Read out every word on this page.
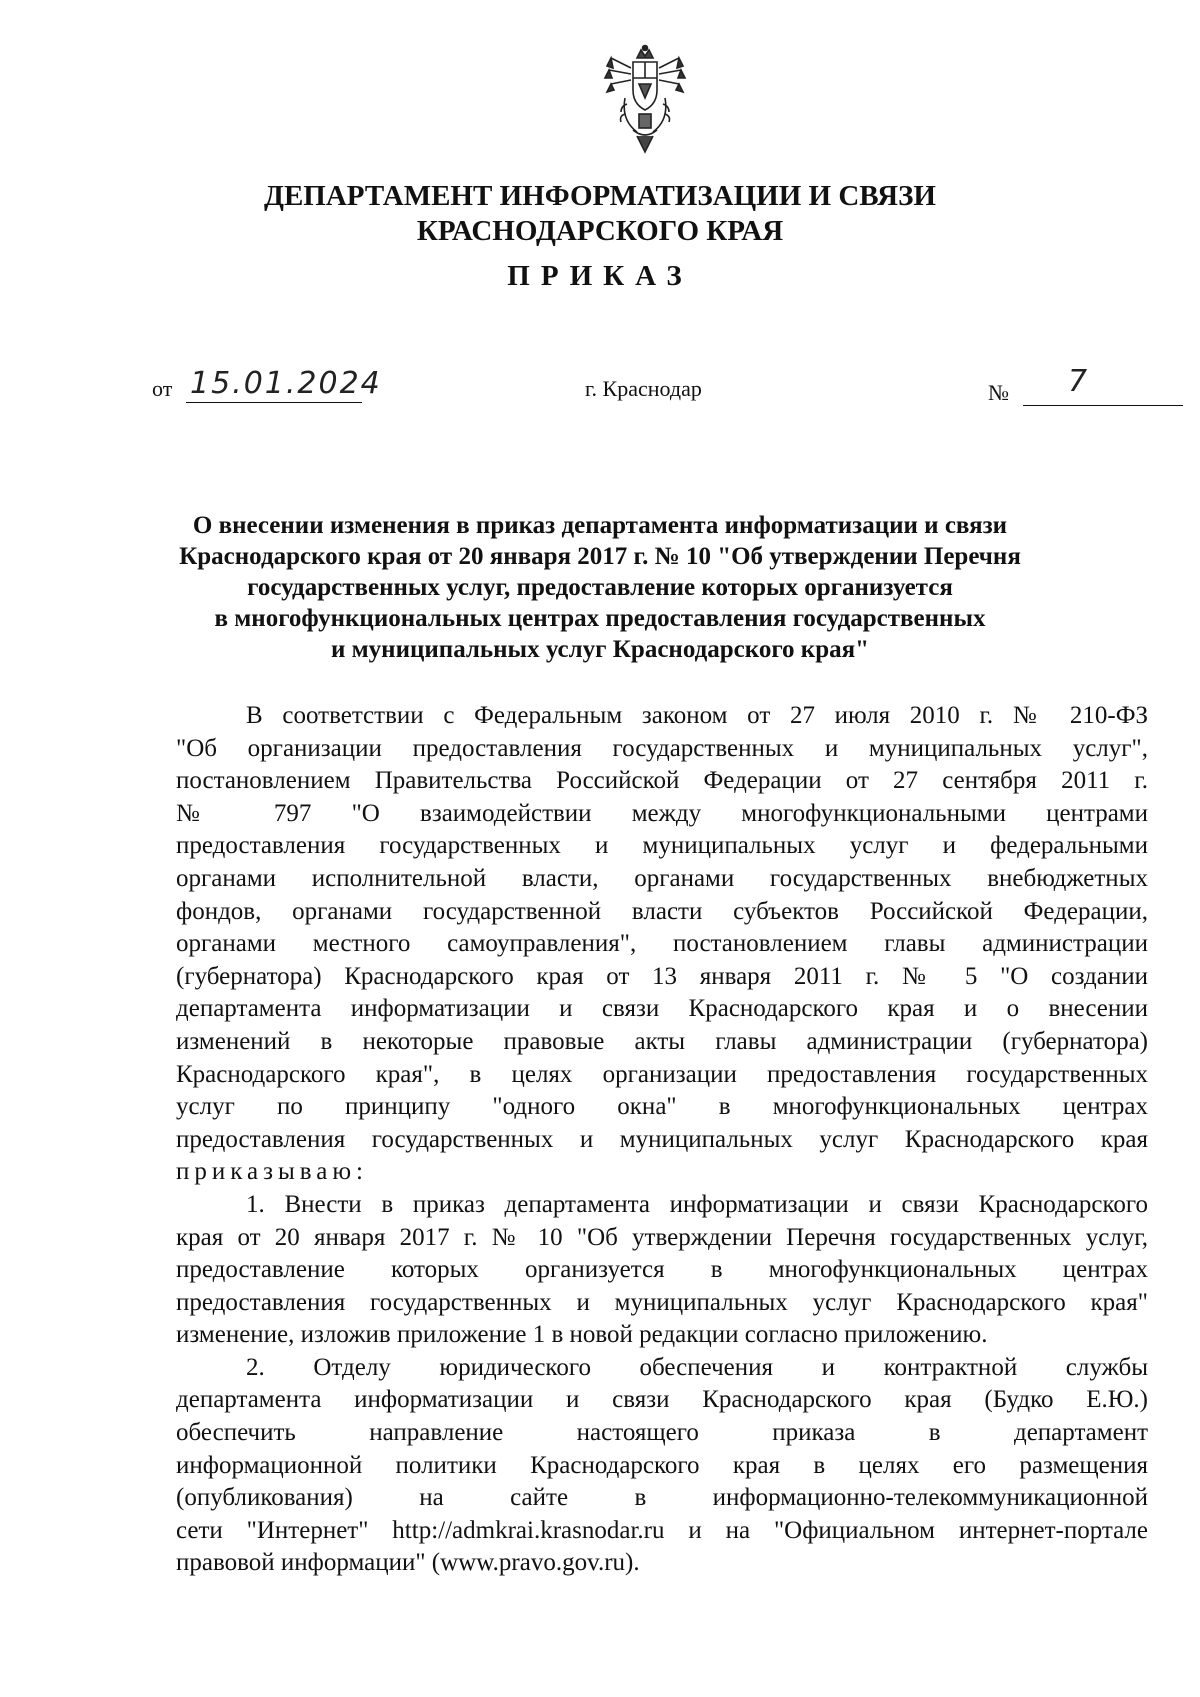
ДЕПАРТАМЕНТ ИНФОРМАТИЗАЦИИ И СВЯЗИ
КРАСНОДАРСКОГО КРАЯ
ПРИКАЗ
от 15.01.2024	г. Краснодар	№ 7
О внесении изменения в приказ департамента информатизации и связи
Краснодарского края от 20 января 2017 г. № 10 "Об утверждении Перечня
государственных услуг, предоставление которых организуется
в многофункциональных центрах предоставления государственных
и муниципальных услуг Краснодарского края"
В соответствии с Федеральным законом от 27 июля 2010 г. № 210-ФЗ
"Об организации предоставления государственных и муниципальных услуг",
постановлением Правительства Российской Федерации от 27 сентября 2011 г.
№ 797 "О взаимодействии между многофункциональными центрами
предоставления государственных и муниципальных услуг и федеральными
органами исполнительной власти, органами государственных внебюджетных
фондов, органами государственной власти субъектов Российской Федерации,
органами местного самоуправления", постановлением главы администрации
(губернатора) Краснодарского края от 13 января 2011 г. № 5 "О создании
департамента информатизации и связи Краснодарского края и о внесении
изменений в некоторые правовые акты главы администрации (губернатора)
Краснодарского края", в целях организации предоставления государственных
услуг по принципу "одного окна" в многофункциональных центрах
предоставления государственных и муниципальных услуг Краснодарского края
приказываю:
1. Внести в приказ департамента информатизации и связи Краснодарского
края от 20 января 2017 г. № 10 "Об утверждении Перечня государственных услуг,
предоставление которых организуется в многофункциональных центрах
предоставления государственных и муниципальных услуг Краснодарского края"
изменение, изложив приложение 1 в новой редакции согласно приложению.
2. Отделу юридического обеспечения и контрактной службы
департамента информатизации и связи Краснодарского края (Будко Е.Ю.)
обеспечить направление настоящего приказа в департамент
информационной политики Краснодарского края в целях его размещения
(опубликования) на сайте в информационно-телекоммуникационной
сети "Интернет" http://admkrai.krasnodar.ru и на "Официальном интернет-портале
правовой информации" (www.pravo.gov.ru).
